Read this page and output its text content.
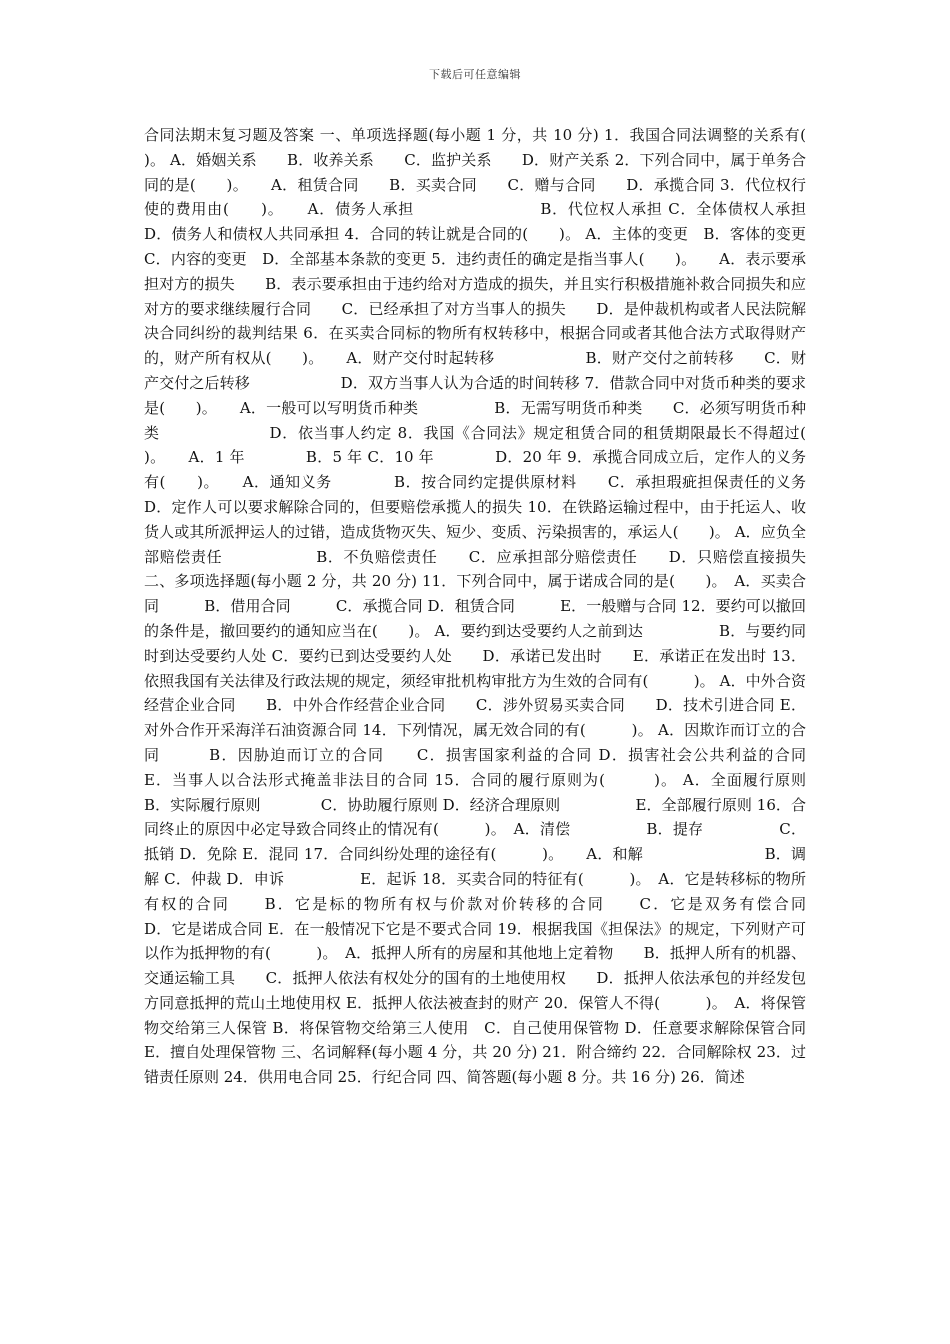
下载后可任意编辑
合同法期末复习题及答案 一、单项选择题(每小题 1 分，共 10 分) 1．我国合同法调整的关系有(　　)。 A．婚姻关系　　B．收养关系　　C．监护关系　　D．财产关系 2．下列合同中，属于单务合同的是(　　)。　　A．租赁合同　　B．买卖合同　　C．赠与合同　　D．承揽合同 3．代位权行使的费用由(　　)。　　A．债务人承担　　　　　　　　B．代位权人承担 C．全体债权人承担　　　　　　D．债务人和债权人共同承担 4．合同的转让就是合同的(　　)。 A．主体的变更　B．客体的变更　C．内容的变更　D．全部基本条款的变更 5．违约责任的确定是指当事人(　　)。　　A．表示要承担对方的损失　　B．表示要承担由于违约给对方造成的损失，并且实行积极措施补救合同损失和应对方的要求继续履行合同　　C．已经承担了对方当事人的损失　　D．是仲裁机构或者人民法院解决合同纠纷的裁判结果 6．在买卖合同标的物所有权转移中，根据合同或者其他合法方式取得财产的，财产所有权从(　　)。　　A．财产交付时起转移　　　　　　B．财产交付之前转移　　C．财产交付之后转移　　　　　　D．双方当事人认为合适的时间转移 7．借款合同中对货币种类的要求是(　　)。　　A．一般可以写明货币种类　　　　　B．无需写明货币种类　　C．必须写明货币种类　　　　　　　D．依当事人约定 8．我国《合同法》规定租赁合同的租赁期限最长不得超过(　　　)。　　A．1 年　　　　B．5 年 C．10 年　　　　D．20 年 9．承揽合同成立后，定作人的义务有(　　)。　　A．通知义务　　　　B．按合同约定提供原材料　　C．承担瑕疵担保责任的义务 D．定作人可以要求解除合同的，但要赔偿承揽人的损失 10．在铁路运输过程中，由于托运人、收货人或其所派押运人的过错，造成货物灭失、短少、变质、污染损害的，承运人(　　)。 A．应负全部赔偿责任　　　　　　B．不负赔偿责任　　C．应承担部分赔偿责任　　D．只赔偿直接损失 二、多项选择题(每小题 2 分，共 20 分) 11．下列合同中，属于诺成合同的是(　　)。　A．买卖合同　　　B．借用合同　　　C．承揽合同 D．租赁合同　　　E．一般赠与合同 12．要约可以撤回的条件是，撤回要约的通知应当在(　　)。 A．要约到达受要约人之前到达　　　　　B．与要约同时到达受要约人处 C．要约已到达受要约人处　　D．承诺已发出时　　E．承诺正在发出时 13．依照我国有关法律及行政法规的规定，须经审批机构审批方为生效的合同有(　　　)。 A．中外合资经营企业合同　　B．中外合作经营企业合同　　C．涉外贸易买卖合同　　D．技术引进合同 E．对外合作开采海洋石油资源合同 14．下列情况，属无效合同的有(　　　)。 A．因欺诈而订立的合同　　　B．因胁迫而订立的合同　　C．损害国家利益的合同 D．损害社会公共利益的合同　　E．当事人以合法形式掩盖非法目的合同 15．合同的履行原则为(　　　)。 A．全面履行原则　　　　　B．实际履行原则　　　　C．协助履行原则 D．经济合理原则　　　　　E．全部履行原则 16．合同终止的原因中必定导致合同终止的情况有(　　　)。　A．清偿　　　　　B．提存　　　　　C．抵销 D．免除 E．混同 17．合同纠纷处理的途径有(　　　)。　　A．和解　　　　　　　　B．调解 C．仲裁 D．申诉　　　　　E．起诉 18．买卖合同的特征有(　　　)。　A．它是转移标的物所有权的合同　　B．它是标的物所有权与价款对价转移的合同　　C．它是双务有偿合同　　　　D．它是诺成合同 E．在一般情况下它是不要式合同 19．根据我国《担保法》的规定，下列财产可以作为抵押物的有(　　　)。　A．抵押人所有的房屋和其他地上定着物　　B．抵押人所有的机器、交通运输工具　　C．抵押人依法有权处分的国有的土地使用权　　D．抵押人依法承包的并经发包方同意抵押的荒山土地使用权 E．抵押人依法被查封的财产 20．保管人不得(　　　)。　A．将保管物交给第三人保管 B．将保管物交给第三人使用　C．自己使用保管物 D．任意要求解除保管合同　　E．擅自处理保管物 三、名词解释(每小题 4 分，共 20 分) 21．附合缔约 22．合同解除权 23．过错责任原则 24．供用电合同 25．行纪合同 四、简答题(每小题 8 分。共 16 分) 26．简述
